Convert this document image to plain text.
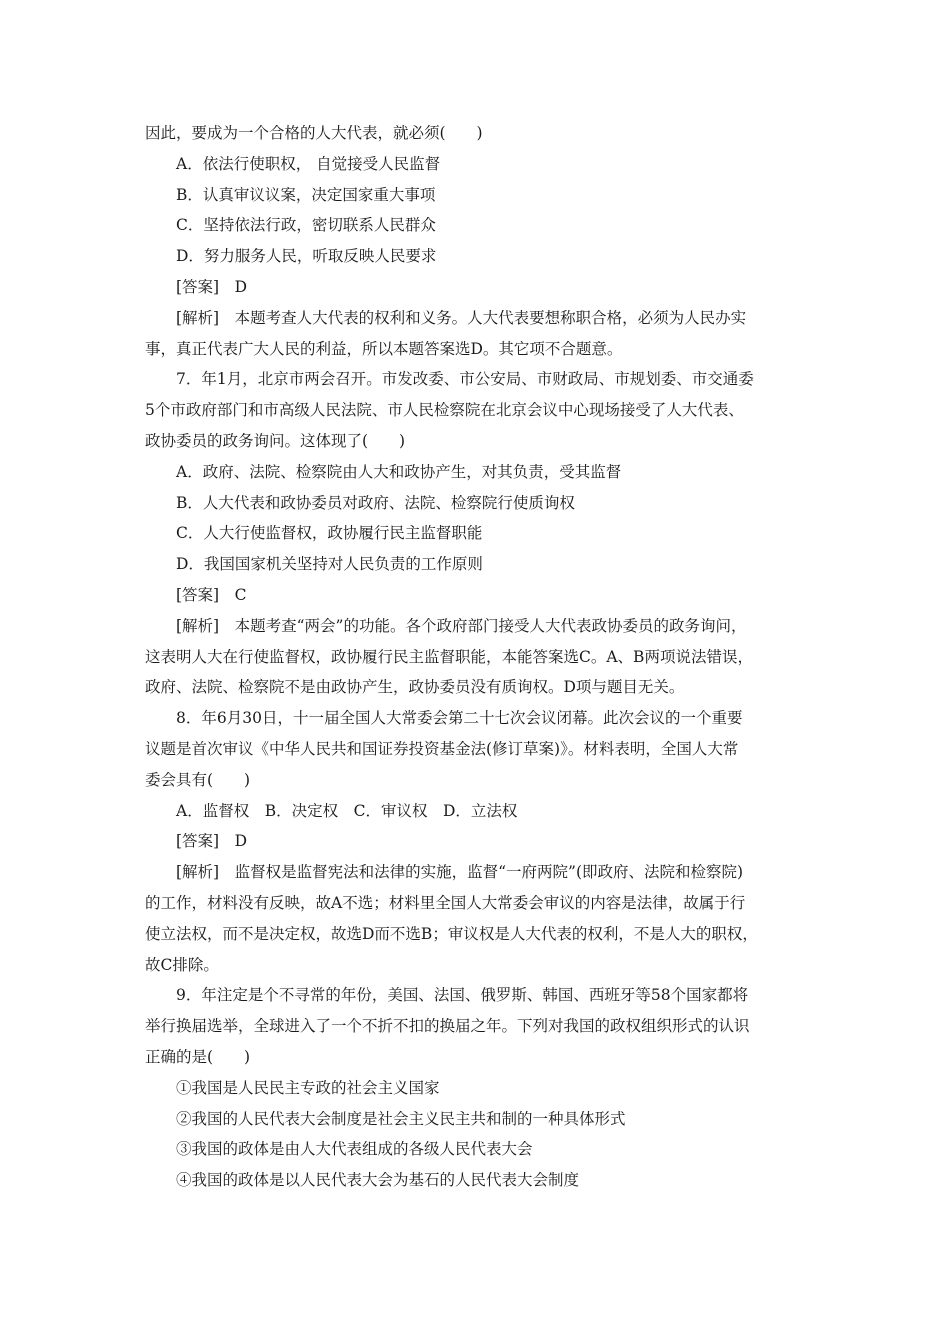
因此，要成为一个合格的人大代表，就必须(　　)
A．依法行使职权， 自觉接受人民监督
B．认真审议议案，决定国家重大事项
C．坚持依法行政，密切联系人民群众
D．努力服务人民，听取反映人民要求
[答案]　D
[解析]　本题考查人大代表的权利和义务。人大代表要想称职合格，必须为人民办实
事，真正代表广大人民的利益，所以本题答案选D。其它项不合题意。
7．年1月，北京市两会召开。市发改委、市公安局、市财政局、市规划委、市交通委
5个市政府部门和市高级人民法院、市人民检察院在北京会议中心现场接受了人大代表、
政协委员的政务询问。这体现了(　　)
A．政府、法院、检察院由人大和政协产生，对其负责，受其监督
B．人大代表和政协委员对政府、法院、检察院行使质询权
C．人大行使监督权，政协履行民主监督职能
D．我国国家机关坚持对人民负责的工作原则
[答案]　C
[解析]　本题考查“两会”的功能。各个政府部门接受人大代表政协委员的政务询问，
这表明人大在行使监督权，政协履行民主监督职能，本能答案选C。A、B两项说法错误，
政府、法院、检察院不是由政协产生，政协委员没有质询权。D项与题目无关。
8．年6月30日，十一届全国人大常委会第二十七次会议闭幕。此次会议的一个重要
议题是首次审议《中华人民共和国证券投资基金法(修订草案)》。材料表明，全国人大常
委会具有(　　)
A．监督权　B．决定权　C．审议权　D．立法权
[答案]　D
[解析]　监督权是监督宪法和法律的实施，监督“一府两院”(即政府、法院和检察院)
的工作，材料没有反映，故A不选；材料里全国人大常委会审议的内容是法律，故属于行
使立法权，而不是决定权，故选D而不选B；审议权是人大代表的权利，不是人大的职权，
故C排除。
9．年注定是个不寻常的年份，美国、法国、俄罗斯、韩国、西班牙等58个国家都将
举行换届选举，全球进入了一个不折不扣的换届之年。下列对我国的政权组织形式的认识
正确的是(　　)
①我国是人民民主专政的社会主义国家
②我国的人民代表大会制度是社会主义民主共和制的一种具体形式
③我国的政体是由人大代表组成的各级人民代表大会
④我国的政体是以人民代表大会为基石的人民代表大会制度
